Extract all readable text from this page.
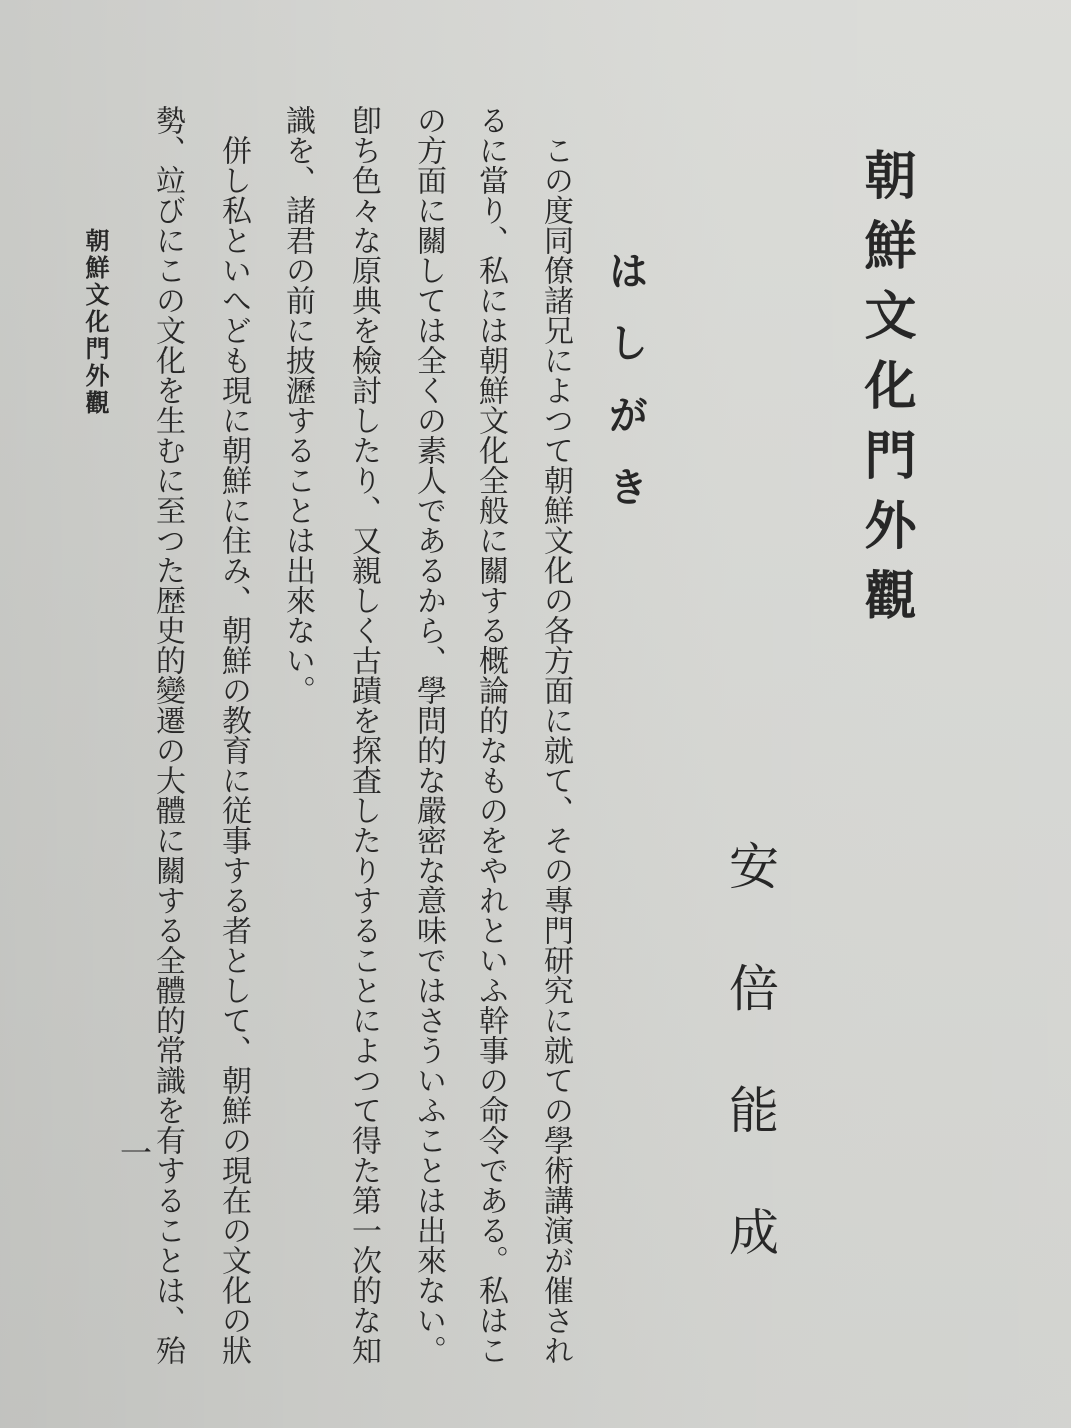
朝鮮文化門外觀
安倍能成
はしがき

この度同僚諸兄によつて朝鮮文化の各方面に就て、その專門研究に就ての學術講演が催され

るに當り、私には朝鮮文化全般に關する概論的なものをやれといふ幹事の命令である。私はこ

の方面に關しては全くの素人であるから、學問的な嚴密な意味ではさういふことは出來ない。

卽ち色々な原典を檢討したり、又親しく古蹟を探査したりすることによつて得た第一次的な知

識を、諸君の前に披瀝することは出來ない。

併し私といへども現に朝鮮に住み、朝鮮の教育に従事する者として、朝鮮の現在の文化の狀

勢、竝びにこの文化を生むに至つた歴史的變遷の大體に關する全體的常識を有することは、殆

朝鮮文化門外觀
一
